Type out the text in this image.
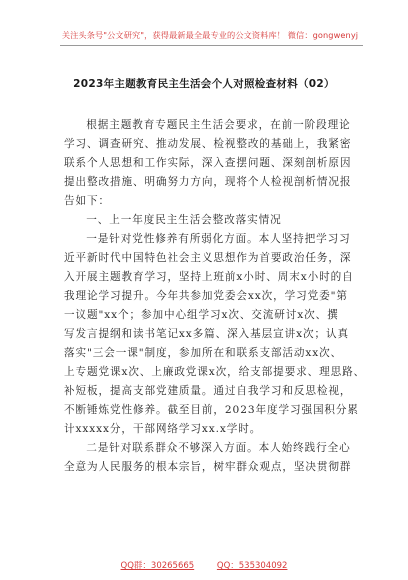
关注头条号"公文研究"，获得最新最全最专业的公文资料库！ 微信：gongwenyj
2023年主题教育民主生活会个人对照检查材料（02）

根据主题教育专题民主生活会要求，在前一阶段理论
学习、调查研究、推动发展、检视整改的基础上，我紧密
联系个人思想和工作实际，深入查摆问题、深刻剖析原因
提出整改措施、明确努力方向，现将个人检视剖析情况报
告如下：

一、上一年度民主生活会整改落实情况

一是针对党性修养有所弱化方面。本人坚持把学习习
近平新时代中国特色社会主义思想作为首要政治任务，深
入开展主题教育学习，坚持上班前x小时、周末x小时的自
我理论学习提升。今年共参加党委会xx次，学习党委"第
一议题"xx个；参加中心组学习x次、交流研讨x次、撰
写发言提纲和读书笔记xx多篇、深入基层宣讲x次；认真
落实"三会一课"制度，参加所在和联系支部活动xx次、
上专题党课x次、上廉政党课x次，给支部提要求、理思路、
补短板，提高支部党建质量。通过自我学习和反思检视，
不断锤炼党性修养。截至目前，2023年度学习强国积分累
计xxxxx分，干部网络学习xx.x学时。

二是针对联系群众不够深入方面。本人始终践行全心
全意为人民服务的根本宗旨，树牢群众观点，坚决贯彻群

QQ群：30265665	QQ：535304092
